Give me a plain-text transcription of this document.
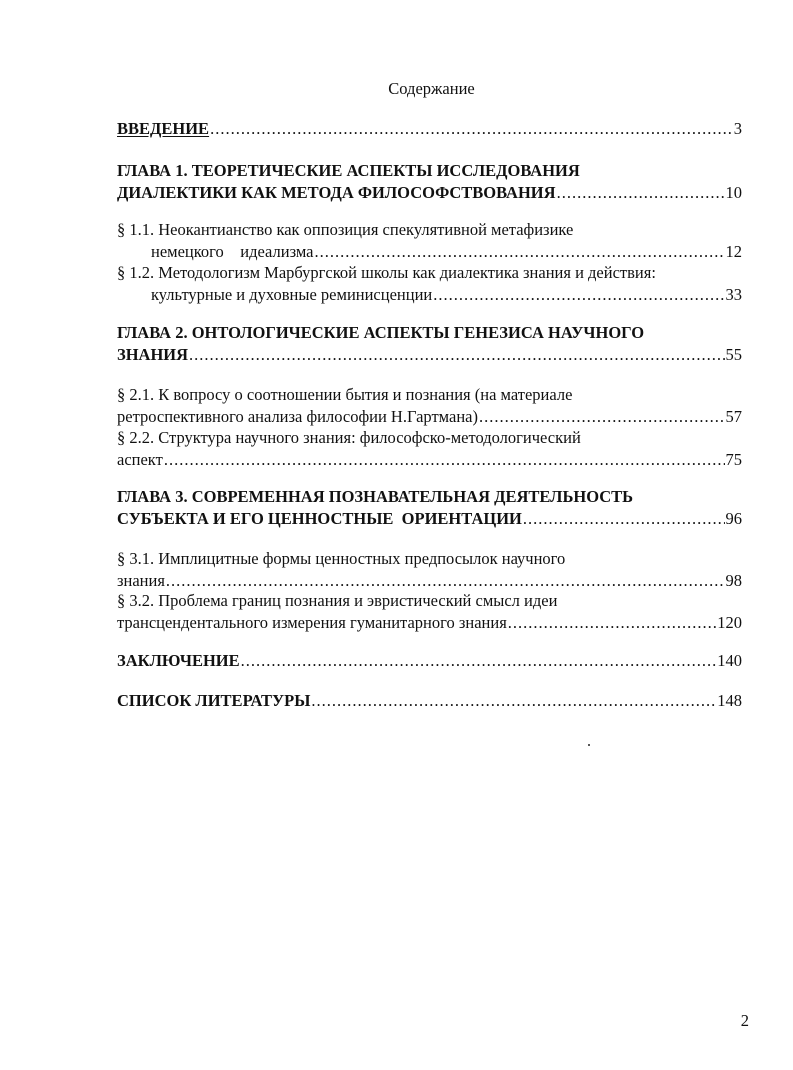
Содержание
ВВЕДЕНИЕ .....	3
ГЛАВА 1. ТЕОРЕТИЧЕСКИЕ АСПЕКТЫ ИССЛЕДОВАНИЯ
ДИАЛЕКТИКИ КАК МЕТОДА ФИЛОСОФСТВОВАНИЯ .....	10
§ 1.1. Неокантианство как оппозиция спекулятивной метафизике
немецкого    идеализма .....	12
§ 1.2. Методологизм Марбургской школы как диалектика знания и действия:
культурные и духовные реминисценции .....	33
ГЛАВА 2. ОНТОЛОГИЧЕСКИЕ АСПЕКТЫ ГЕНЕЗИСА НАУЧНОГО
ЗНАНИЯ .....	55
§ 2.1. К вопросу о соотношении бытия и познания (на материале
ретроспективного анализа философии Н.Гартмана) .....	57
§ 2.2. Структура научного знания: философско-методологический
аспект .....	75
ГЛАВА 3. СОВРЕМЕННАЯ ПОЗНАВАТЕЛЬНАЯ ДЕЯТЕЛЬНОСТЬ
СУБЪЕКТА И ЕГО ЦЕННОСТНЫЕ  ОРИЕНТАЦИИ .....	96
§ 3.1. Имплицитные формы ценностных предпосылок научного
знания .....	98
§ 3.2. Проблема границ познания и эвристический смысл идеи
трансцендентального измерения гуманитарного знания .....	120
ЗАКЛЮЧЕНИЕ .....	140
СПИСОК ЛИТЕРАТУРЫ .....	148
2
